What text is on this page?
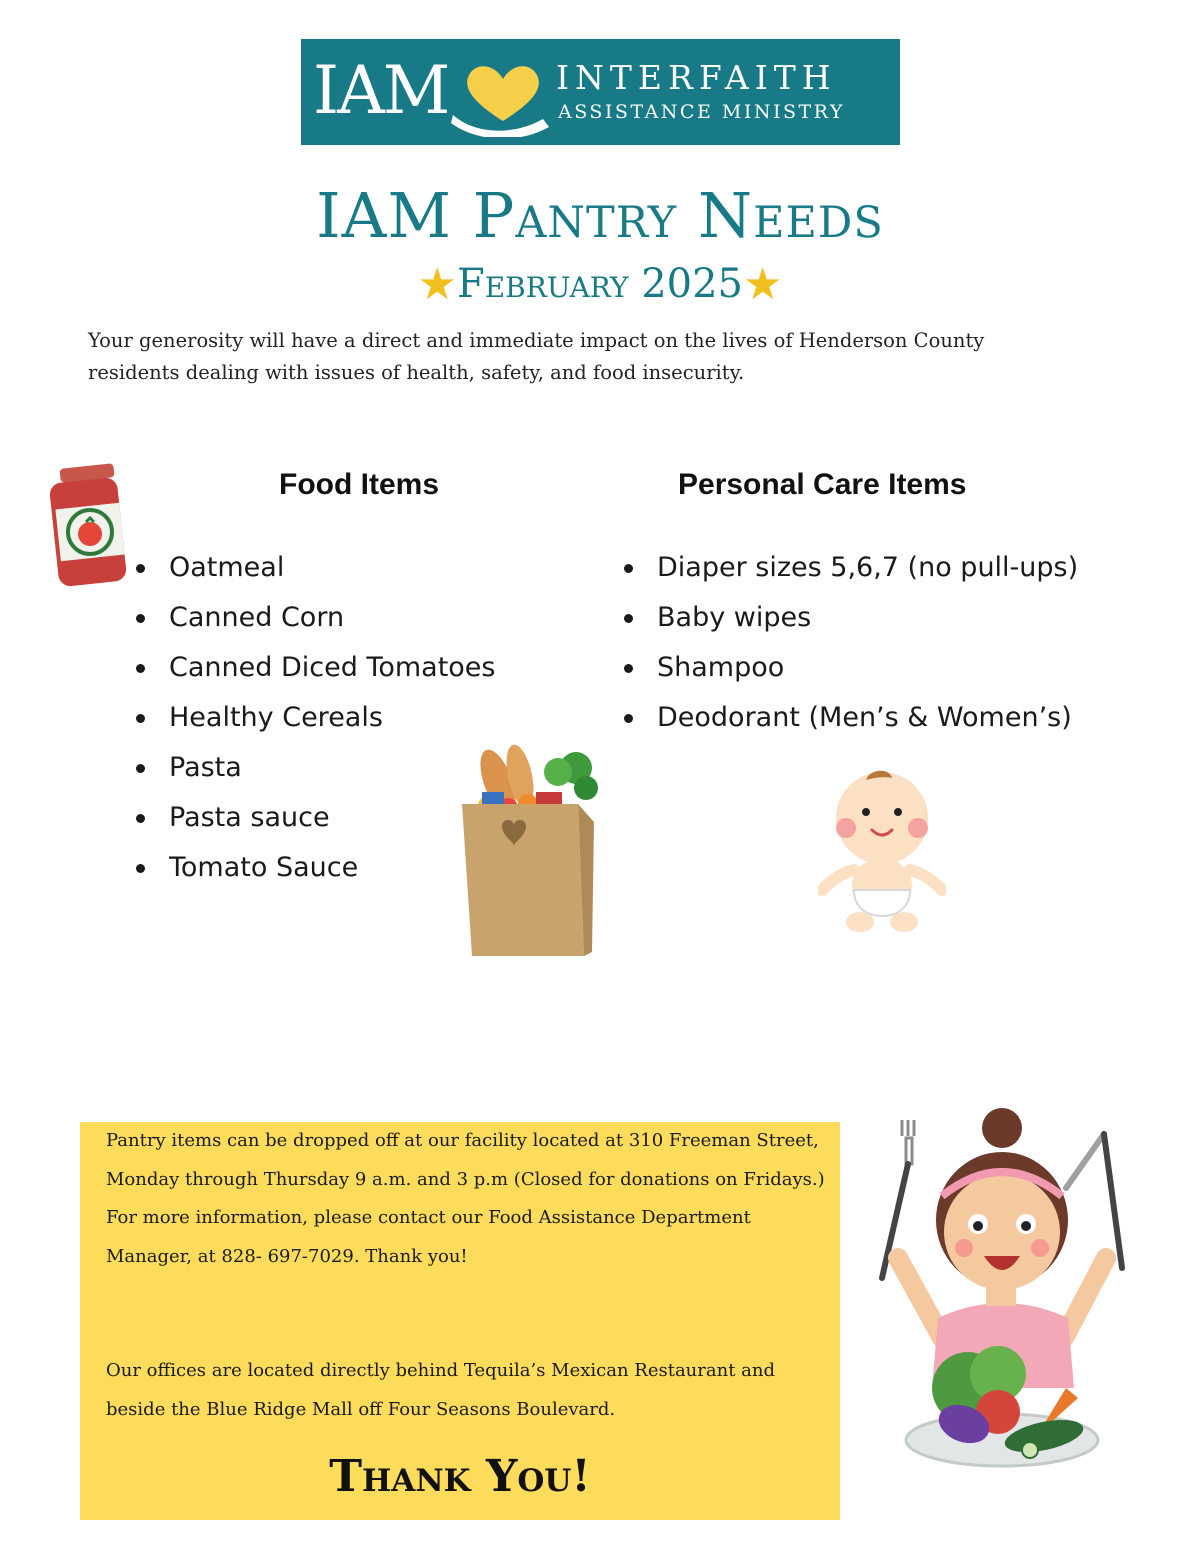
IAM	INTERFAITH
ASSISTANCE MINISTRY
IAM Pantry Needs
★February 2025★
Your generosity will have a direct and immediate impact on the lives of Henderson County residents dealing with issues of health, safety, and food insecurity.
Food Items
Oatmeal
Canned Corn
Canned Diced Tomatoes
Healthy Cereals
Pasta
Pasta sauce
Tomato Sauce
Personal Care Items
Diaper sizes 5,6,7 (no pull-ups)
Baby wipes
Shampoo
Deodorant (Men’s & Women’s)
Pantry items can be dropped off at our facility located at 310 Freeman Street, Monday through Thursday 9 a.m. and 3 p.m (Closed for donations on Fridays.) For more information, please contact our Food Assistance Department Manager, at 828- 697-7029. Thank you!
Our offices are located directly behind Tequila’s Mexican Restaurant and beside the Blue Ridge Mall off Four Seasons Boulevard.
Thank You!
